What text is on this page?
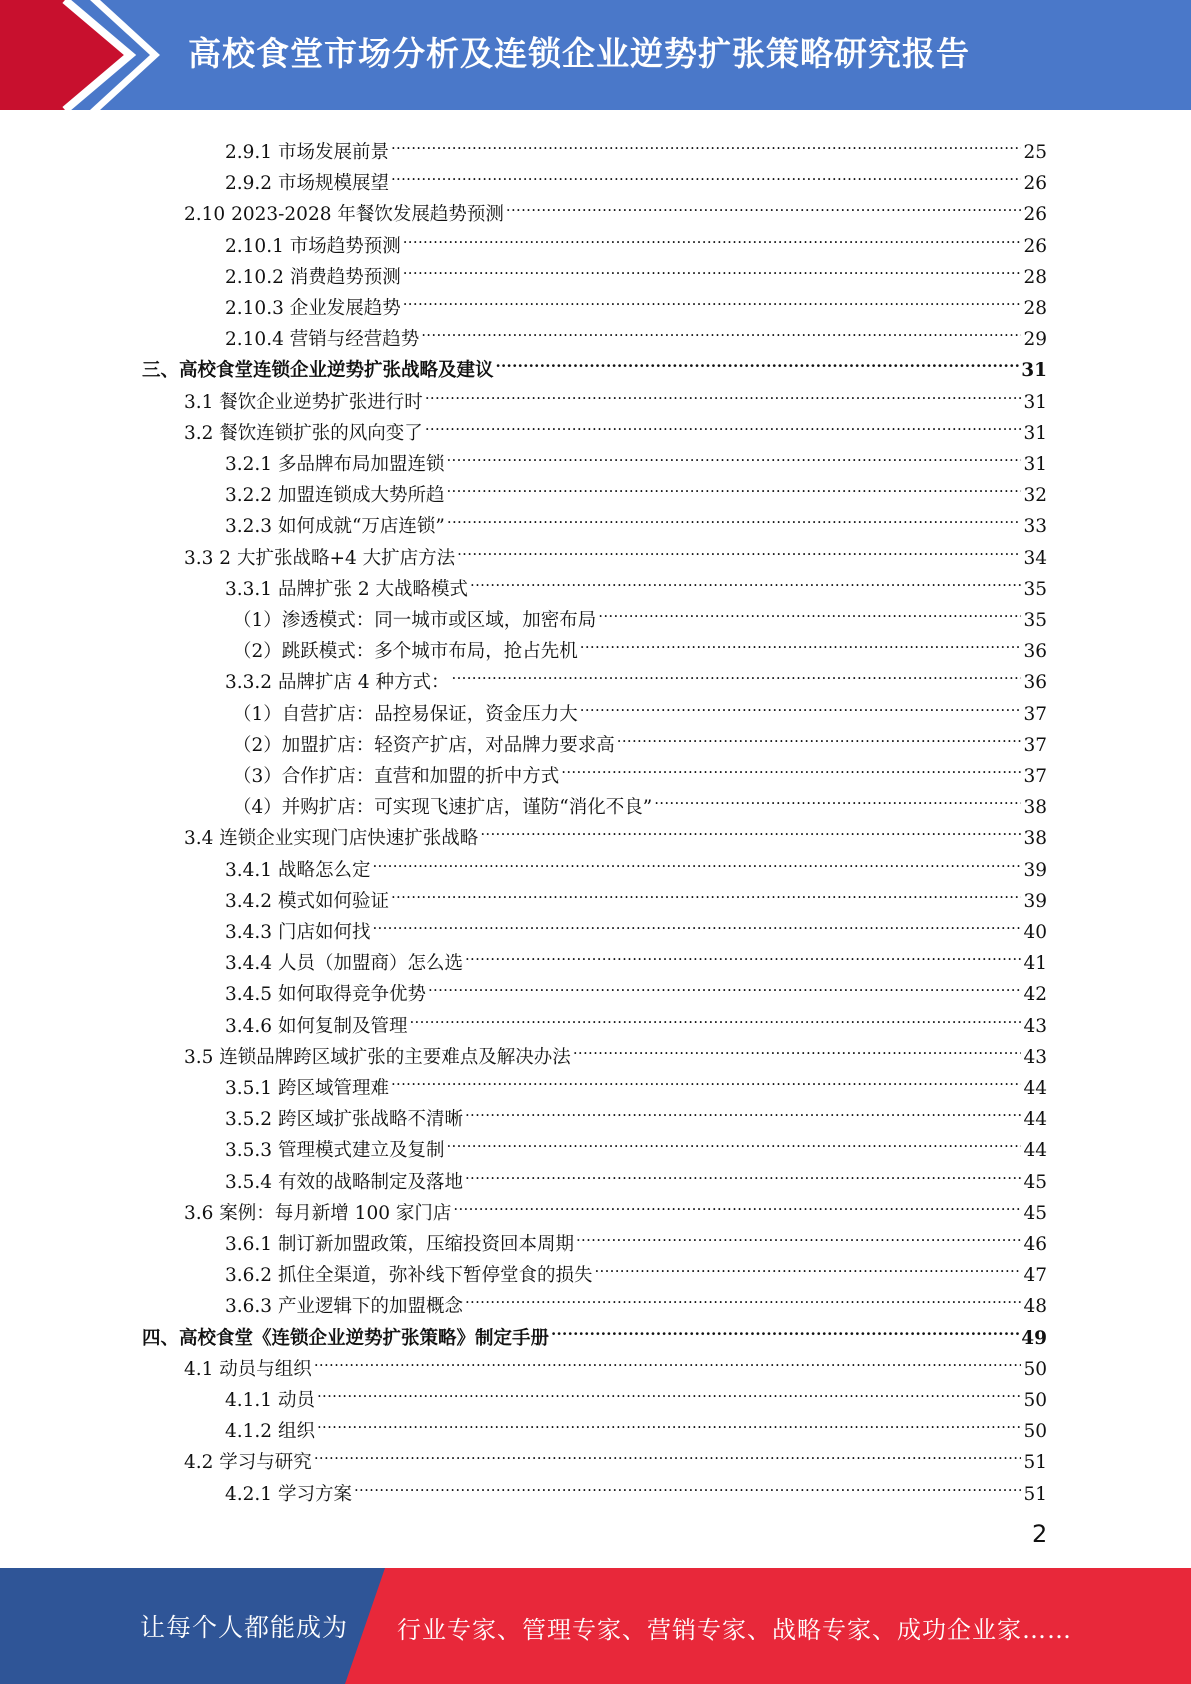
高校食堂市场分析及连锁企业逆势扩张策略研究报告
2.9.1 市场发展前景 .....	25
2.9.2 市场规模展望 .....	26
2.10 2023-2028 年餐饮发展趋势预测 .....	26
2.10.1 市场趋势预测 .....	26
2.10.2 消费趋势预测 .....	28
2.10.3 企业发展趋势 .....	28
2.10.4 营销与经营趋势 .....	29
三、高校食堂连锁企业逆势扩张战略及建议 .....	31
3.1 餐饮企业逆势扩张进行时 .....	31
3.2 餐饮连锁扩张的风向变了 .....	31
3.2.1 多品牌布局加盟连锁 .....	31
3.2.2 加盟连锁成大势所趋 .....	32
3.2.3 如何成就“万店连锁” .....	33
3.3 2 大扩张战略+4 大扩店方法 .....	34
3.3.1 品牌扩张 2 大战略模式 .....	35
（1）渗透模式：同一城市或区域，加密布局 .....	35
（2）跳跃模式：多个城市布局，抢占先机 .....	36
3.3.2 品牌扩店 4 种方式： .....	36
（1）自营扩店：品控易保证，资金压力大 .....	37
（2）加盟扩店：轻资产扩店，对品牌力要求高 .....	37
（3）合作扩店：直营和加盟的折中方式 .....	37
（4）并购扩店：可实现飞速扩店，谨防“消化不良” .....	38
3.4 连锁企业实现门店快速扩张战略 .....	38
3.4.1 战略怎么定 .....	39
3.4.2 模式如何验证 .....	39
3.4.3 门店如何找 .....	40
3.4.4 人员（加盟商）怎么选 .....	41
3.4.5 如何取得竞争优势 .....	42
3.4.6 如何复制及管理 .....	43
3.5 连锁品牌跨区域扩张的主要难点及解决办法 .....	43
3.5.1 跨区域管理难 .....	44
3.5.2 跨区域扩张战略不清晰 .....	44
3.5.3 管理模式建立及复制 .....	44
3.5.4 有效的战略制定及落地 .....	45
3.6 案例：每月新增 100 家门店 .....	45
3.6.1 制订新加盟政策，压缩投资回本周期 .....	46
3.6.2 抓住全渠道，弥补线下暂停堂食的损失 .....	47
3.6.3 产业逻辑下的加盟概念 .....	48
四、高校食堂《连锁企业逆势扩张策略》制定手册 .....	49
4.1 动员与组织 .....	50
4.1.1 动员 .....	50
4.1.2 组织 .....	50
4.2 学习与研究 .....	51
4.2.1 学习方案 .....	51
2
让每个人都能成为 行业专家、管理专家、营销专家、战略专家、成功企业家……
